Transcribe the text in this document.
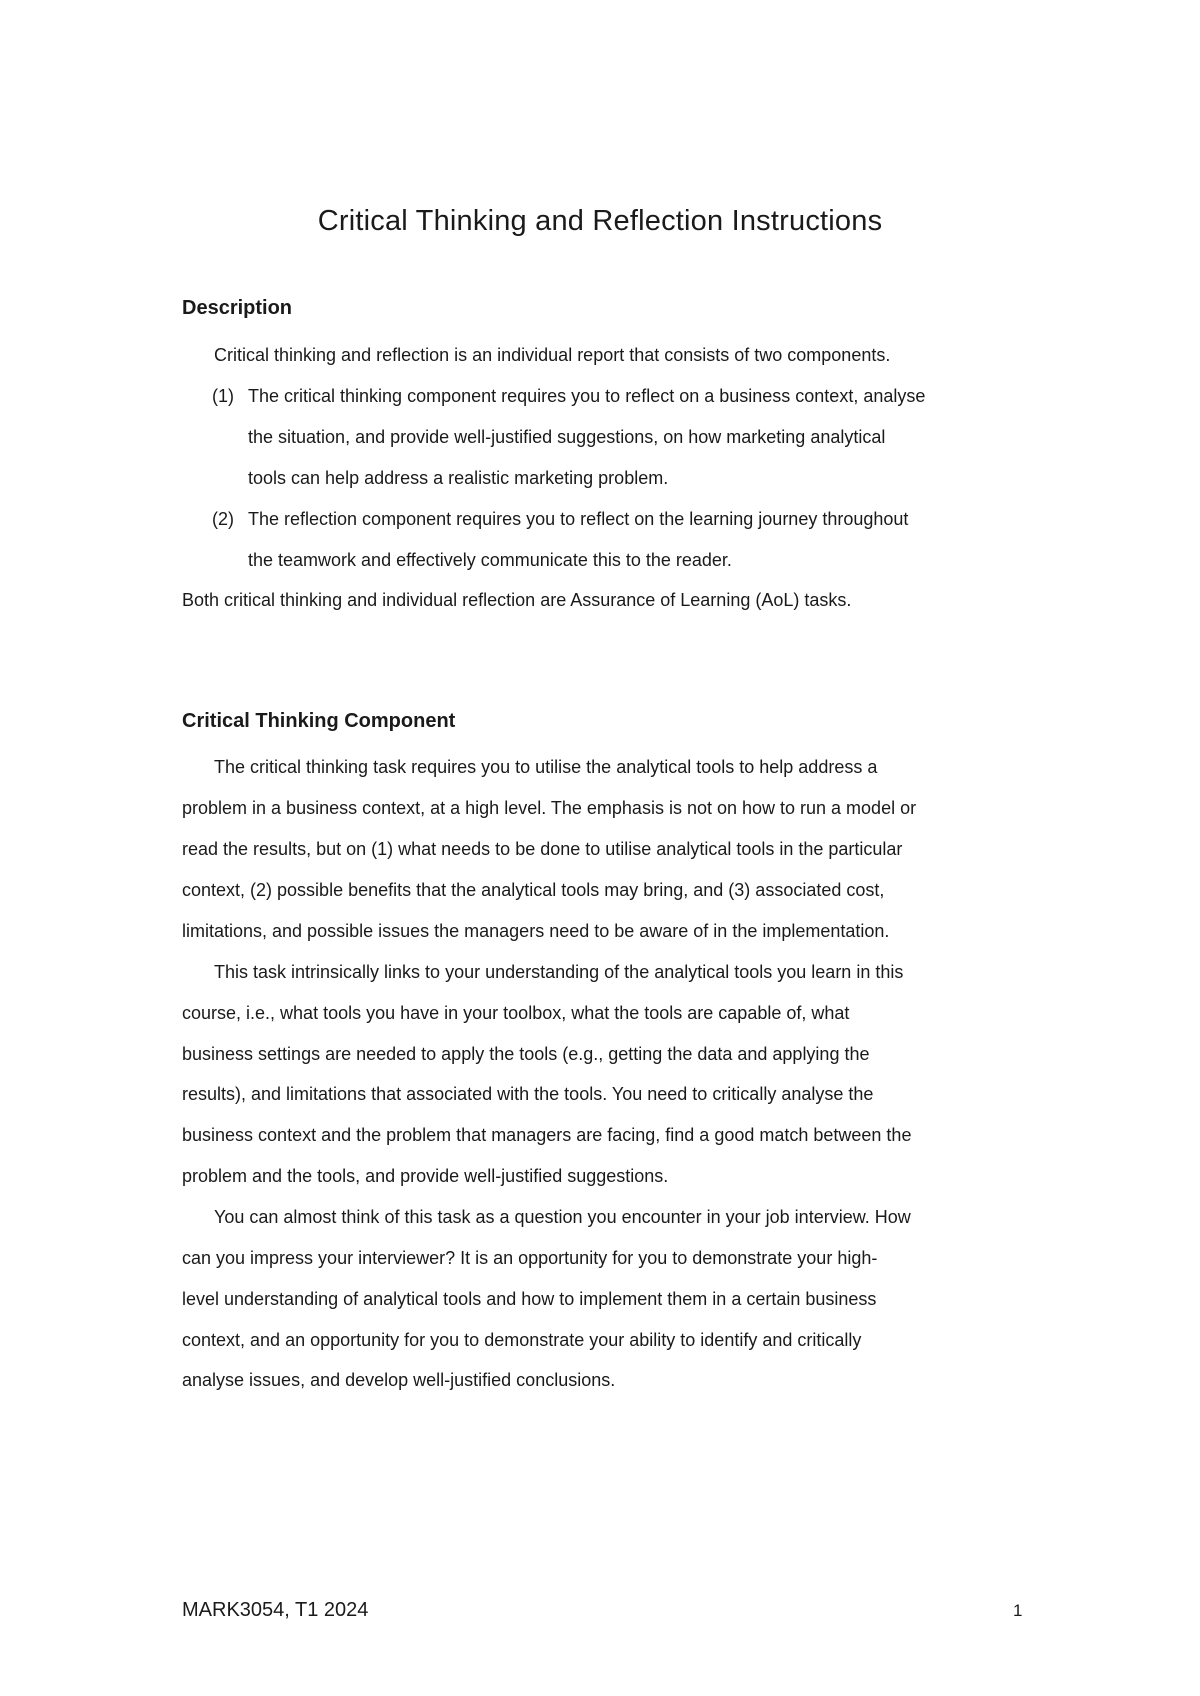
Critical Thinking and Reflection Instructions
Description
Critical thinking and reflection is an individual report that consists of two components.
(1) The critical thinking component requires you to reflect on a business context, analyse
the situation, and provide well-justified suggestions, on how marketing analytical
tools can help address a realistic marketing problem.
(2) The reflection component requires you to reflect on the learning journey throughout
the teamwork and effectively communicate this to the reader.
Both critical thinking and individual reflection are Assurance of Learning (AoL) tasks.
Critical Thinking Component
The critical thinking task requires you to utilise the analytical tools to help address a
problem in a business context, at a high level. The emphasis is not on how to run a model or
read the results, but on (1) what needs to be done to utilise analytical tools in the particular
context, (2) possible benefits that the analytical tools may bring, and (3) associated cost,
limitations, and possible issues the managers need to be aware of in the implementation.
This task intrinsically links to your understanding of the analytical tools you learn in this
course, i.e., what tools you have in your toolbox, what the tools are capable of, what
business settings are needed to apply the tools (e.g., getting the data and applying the
results), and limitations that associated with the tools. You need to critically analyse the
business context and the problem that managers are facing, find a good match between the
problem and the tools, and provide well-justified suggestions.
You can almost think of this task as a question you encounter in your job interview. How
can you impress your interviewer? It is an opportunity for you to demonstrate your high-
level understanding of analytical tools and how to implement them in a certain business
context, and an opportunity for you to demonstrate your ability to identify and critically
analyse issues, and develop well-justified conclusions.
MARK3054, T1 2024	1
